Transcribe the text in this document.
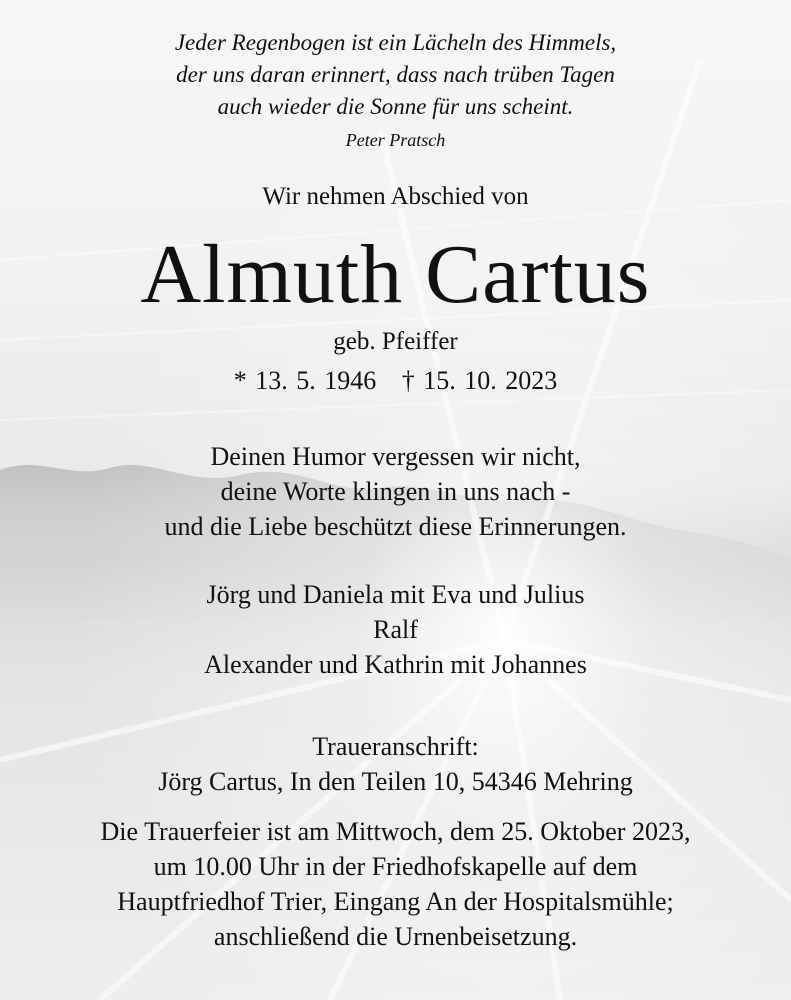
Jeder Regenbogen ist ein Lächeln des Himmels,
der uns daran erinnert, dass nach trüben Tagen
auch wieder die Sonne für uns scheint.
Peter Pratsch
Wir nehmen Abschied von
Almuth Cartus
geb. Pfeiffer
* 13. 5. 1946   † 15. 10. 2023
Deinen Humor vergessen wir nicht,
deine Worte klingen in uns nach -
und die Liebe beschützt diese Erinnerungen.
Jörg und Daniela mit Eva und Julius
Ralf
Alexander und Kathrin mit Johannes
Traueranschrift:
Jörg Cartus, In den Teilen 10, 54346 Mehring
Die Trauerfeier ist am Mittwoch, dem 25. Oktober 2023,
um 10.00 Uhr in der Friedhofskapelle auf dem
Hauptfriedhof Trier, Eingang An der Hospitalsmühle;
anschließend die Urnenbeisetzung.
